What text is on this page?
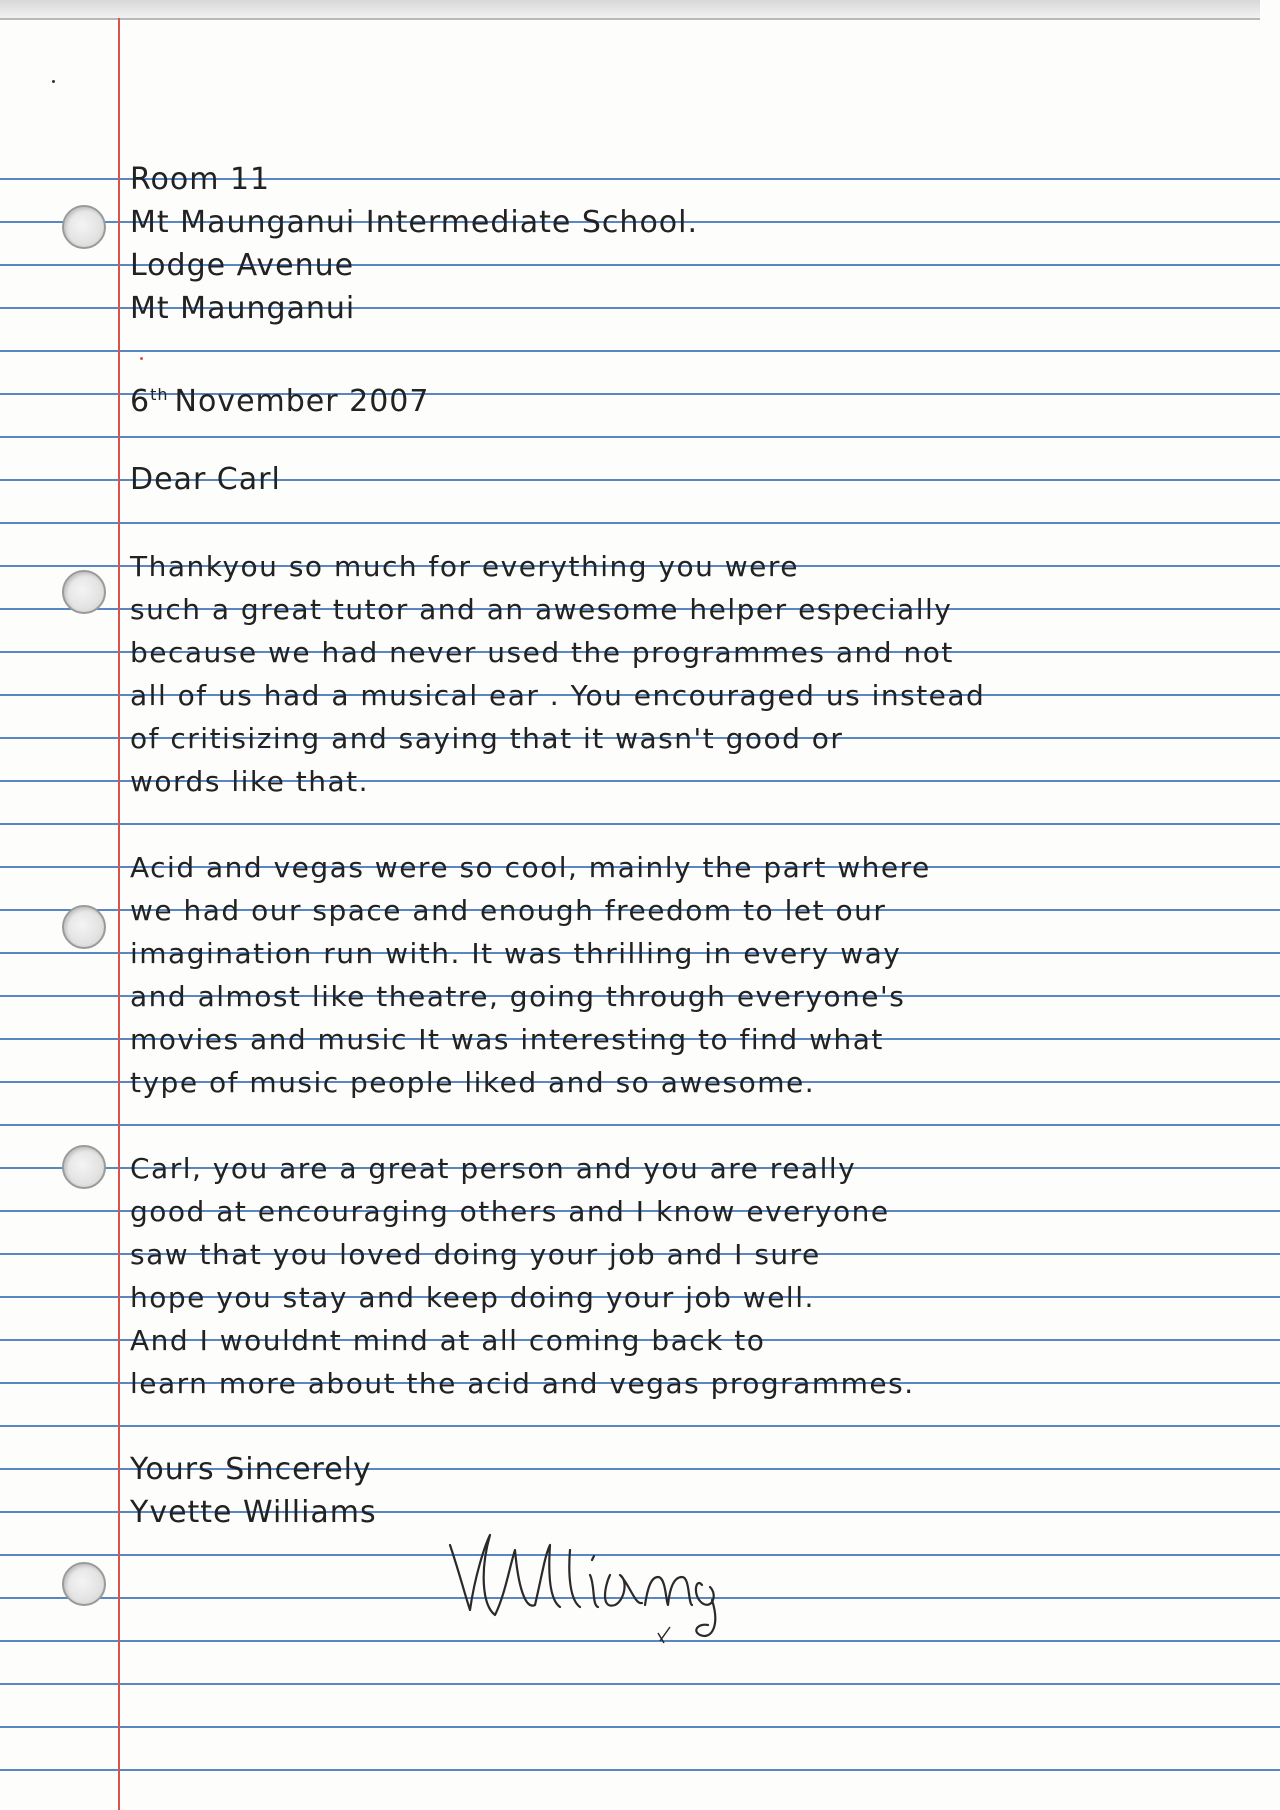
Room 11
Mt Maunganui Intermediate School.
Lodge Avenue
Mt Maunganui
6th November 2007
Dear Carl
Thankyou so much for everything you were
such a great tutor and an awesome helper especially
because we had never used the programmes and not
all of us had a musical ear . You encouraged us instead
of critisizing and saying that it wasn't good or
words like that.
Acid and vegas were so cool, mainly the part where
we had our space and enough freedom to let our
imagination run with. It was thrilling in every way
and almost like theatre, going through everyone's
movies and music It was interesting to find what
type of music people liked and so awesome.
Carl, you are a great person and you are really
good at encouraging others and I know everyone
saw that you loved doing your job and I sure
hope you stay and keep doing your job well.
And I wouldnt mind at all coming back to
learn more about the acid and vegas programmes.
Yours Sincerely
Yvette Williams
